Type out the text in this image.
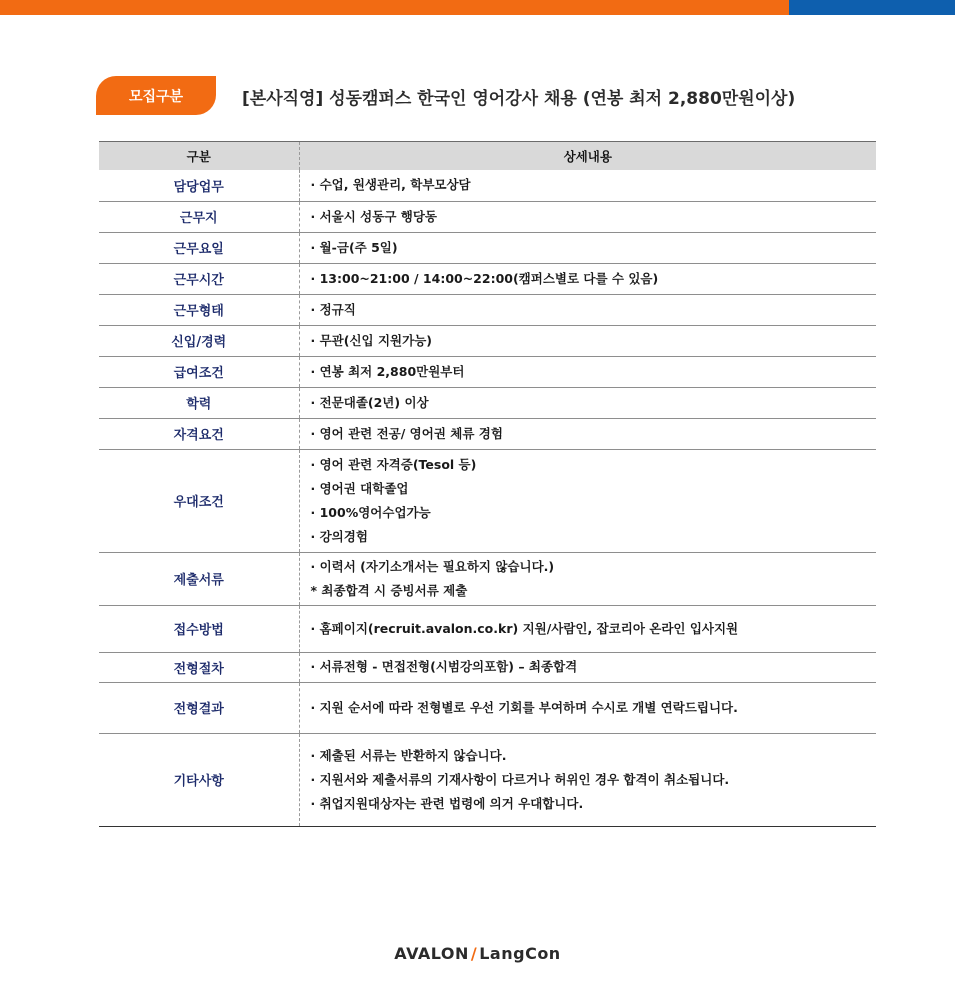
모집구분	[본사직영] 성동캠퍼스 한국인 영어강사 채용 (연봉 최저 2,880만원이상)
구분	상세내용
담당업무	· 수업, 원생관리, 학부모상담

근무지	· 서울시 성동구 행당동

근무요일	· 월-금(주 5일)

근무시간	· 13:00~21:00 / 14:00~22:00(캠퍼스별로 다를 수 있음)

근무형태	· 정규직

신입/경력	· 무관(신입 지원가능)

급여조건	· 연봉 최저 2,880만원부터

학력	· 전문대졸(2년) 이상

자격요건	· 영어 관련 전공/ 영어권 체류 경험

우대조건	· 영어 관련 자격증(Tesol 등)
· 영어권 대학졸업
· 100%영어수업가능
· 강의경험

제출서류	· 이력서 (자기소개서는 필요하지 않습니다.)
* 최종합격 시 증빙서류 제출

접수방법	· 홈페이지(recruit.avalon.co.kr) 지원/사람인, 잡코리아 온라인 입사지원

전형절차	· 서류전형 - 면접전형(시범강의포함) – 최종합격

전형결과	· 지원 순서에 따라 전형별로 우선 기회를 부여하며 수시로 개별 연락드립니다.

기타사항	· 제출된 서류는 반환하지 않습니다.
· 지원서와 제출서류의 기재사항이 다르거나 허위인 경우 합격이 취소됩니다.
· 취업지원대상자는 관련 법령에 의거 우대합니다.
AVALON / LangCon
